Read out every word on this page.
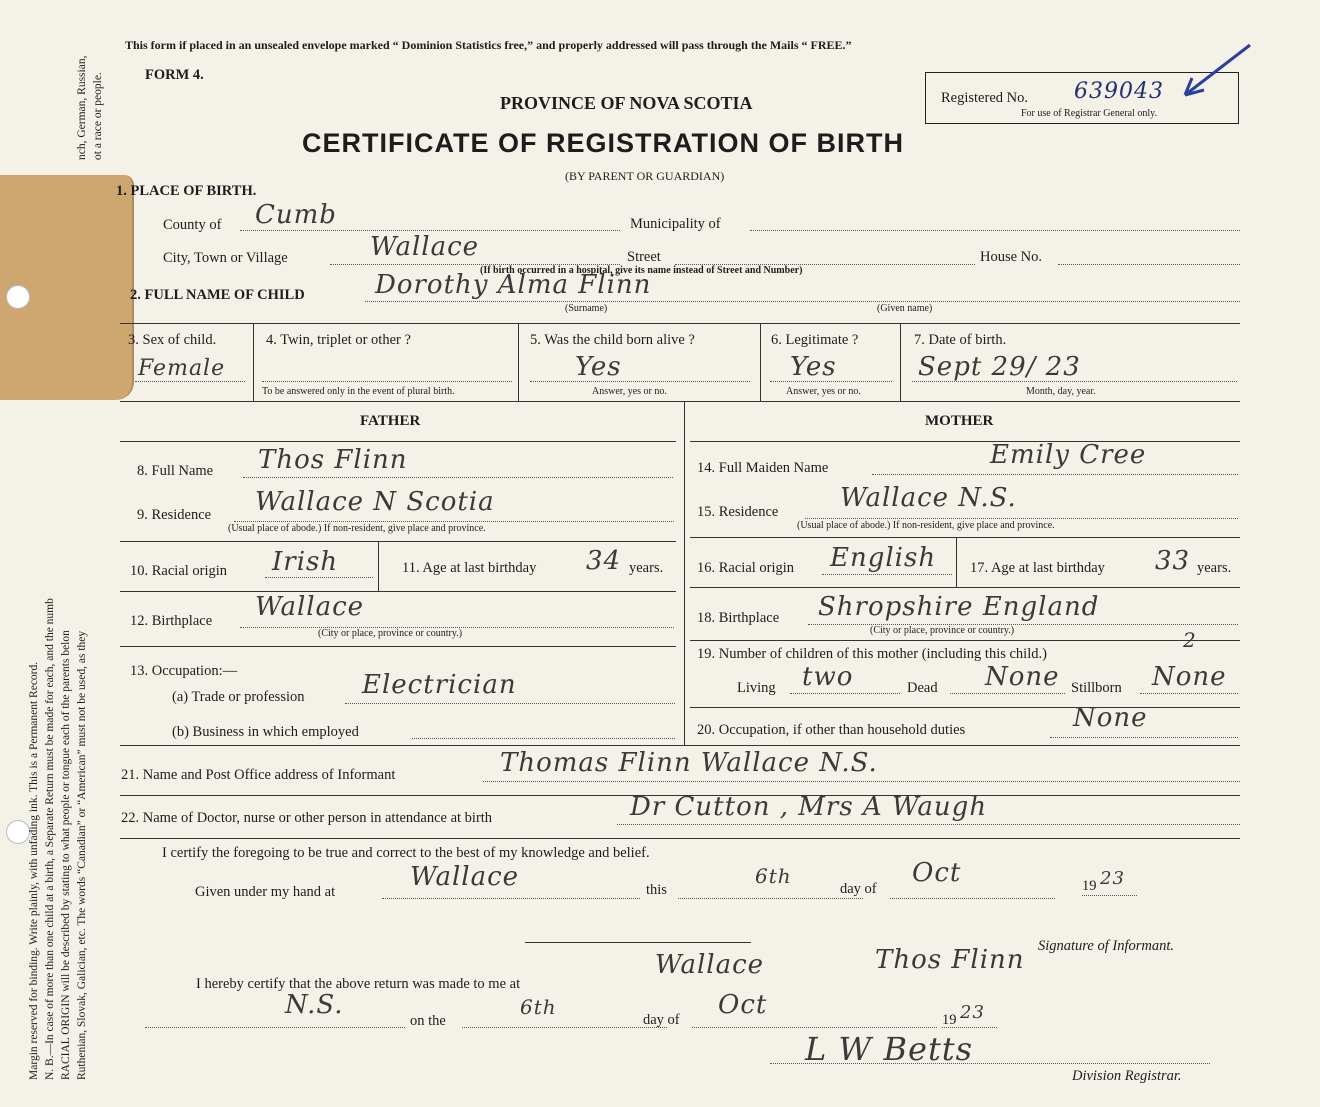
Margin reserved for binding. Write plainly, with unfading ink. This is a Permanent Record. N. B.—In case of more than one child at a birth, a Separate Return must be made for each, and the numb RACIAL ORIGIN will be described by stating to what people or tongue each of the parents belon Ruthenian, Slovak, Galician, etc. The words “Canadian” or “American” must not be used, as they
nch, German, Russian, ot a race or people.
This form if placed in an unsealed envelope marked “ Dominion Statistics free,” and properly addressed will pass through the Mails “ FREE.”
FORM 4.
PROVINCE OF NOVA SCOTIA
CERTIFICATE OF REGISTRATION OF BIRTH
(BY PARENT OR GUARDIAN)
Registered No. 639043
For use of Registrar General only.
1. PLACE OF BIRTH.
County of Cumb	Municipality of
City, Town or Village	Wallace	Street	House No.
(If birth occurred in a hospital, give its name instead of Street and Number)
2. FULL NAME OF CHILD	Dorothy Alma Flinn
(Surname)	(Given name)
3. Sex of child.
Female
4. Twin, triplet or other ?
To be answered only in the event of plural birth.
5. Was the child born alive ?
Yes
Answer, yes or no.
6. Legitimate ?
Yes
Answer, yes or no.
7. Date of birth.
Sept 29/ 23
Month, day, year.
FATHER	MOTHER
8. Full Name Thos Flinn
9. Residence Wallace N Scotia
(Usual place of abode.) If non-resident, give place and province.
10. Racial origin Irish	11. Age at last birthday 34 years.
12. Birthplace Wallace
(City or place, province or country.)
13. Occupation:—
(a) Trade or profession Electrician
(b) Business in which employed
14. Full Maiden Name	Emily Cree
15. Residence Wallace N.S.
(Usual place of abode.) If non-resident, give place and province.
16. Racial origin English 17. Age at last birthday 33 years.
18. Birthplace Shropshire England
(City or place, province or country.)
19. Number of children of this mother (including this child.)
2
Living two	Dead None Stillborn None
20. Occupation, if other than household duties	None
21. Name and Post Office address of Informant	Thomas Flinn Wallace N.S.
22. Name of Doctor, nurse or other person in attendance at birth	Dr Cutton , Mrs A Waugh
I certify the foregoing to be true and correct to the best of my knowledge and belief.
Given under my hand at	Wallace	this
6th
day of
Oct	19 23
Signature of Informant.
Thos Flinn
I hereby certify that the above return was made to me at
Wallace
N.S.
on the
6th
day of Oct	19 23
L W Betts
Division Registrar.
